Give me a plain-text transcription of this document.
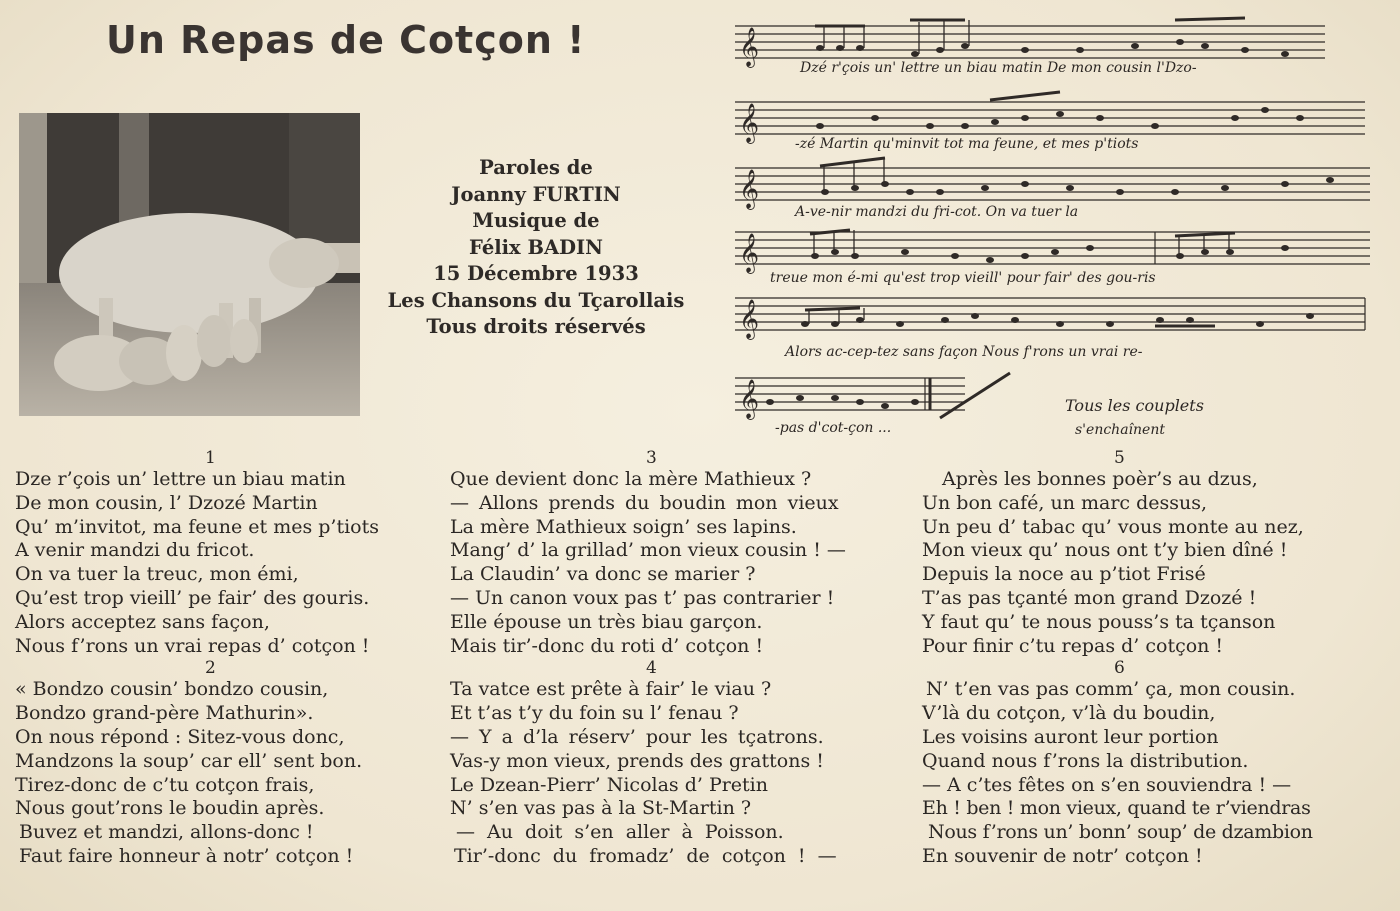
Un Repas de Cotçon !
Paroles de
Joanny FURTIN
Musique de
Félix BADIN
15 Décembre 1933
Les Chansons du Tçarollais
Tous droits réservés
𝄞
𝄞
𝄞
𝄞
𝄞
𝄞
Dzé r'çois un' lettre un biau matin De mon cousin l'Dzo-
-zé Martin qu'minvit tot ma feune, et mes p'tiots
A-ve-nir mandzi du fri-cot. On va tuer la
treue mon é-mi qu'est trop vieill' pour fair' des gou-ris
Alors ac-cep-tez sans façon Nous f'rons un vrai re-
-pas d'cot-çon ...
Tous les couplets
s'enchaînent
1
Dze r’çois un’ lettre un biau matin
De mon cousin, l’ Dzozé Martin
Qu’ m’invitot, ma feune et mes p’tiots
A venir mandzi du fricot.
On va tuer la treuc, mon émi,
Qu’est trop vieill’ pe fair’ des gouris.
Alors acceptez sans façon,
Nous f’rons un vrai repas d’ cotçon !
2
« Bondzo cousin’ bondzo cousin,
Bondzo grand-père Mathurin».
On nous répond : Sitez-vous donc,
Mandzons la soup’ car ell’ sent bon.
Tirez-donc de c’tu cotçon frais,
Nous gout’rons le boudin après.
Buvez et mandzi, allons-donc !
Faut faire honneur à notr’ cotçon !
3
Que devient donc la mère Mathieux ?
— Allons prends du boudin mon vieux
La mère Mathieux soign’ ses lapins.
Mang’ d’ la grillad’ mon vieux cousin ! —
La Claudin’ va donc se marier ?
— Un canon voux pas t’ pas contrarier !
Elle épouse un très biau garçon.
Mais tir’-donc du roti d’ cotçon !
4
Ta vatce est prête à fair’ le viau ?
Et t’as t’y du foin su l’ fenau ?
— Y a d’la réserv’ pour les tçatrons.
Vas-y mon vieux, prends des grattons !
Le Dzean-Pierr’ Nicolas d’ Pretin
N’ s’en vas pas à la St-Martin ?
— Au doit s’en aller à Poisson.
Tir’-donc du fromadz’ de cotçon ! —
5
Après les bonnes poèr’s au dzus,
Un bon café, un marc dessus,
Un peu d’ tabac qu’ vous monte au nez,
Mon vieux qu’ nous ont t’y bien dîné !
Depuis la noce au p’tiot Frisé
T’as pas tçanté mon grand Dzozé !
Y faut qu’ te nous pouss’s ta tçanson
Pour finir c’tu repas d’ cotçon !
6
N’ t’en vas pas comm’ ça, mon cousin.
V’là du cotçon, v’là du boudin,
Les voisins auront leur portion
Quand nous f’rons la distribution.
— A c’tes fêtes on s’en souviendra ! —
Eh ! ben ! mon vieux, quand te r’viendras
Nous f’rons un’ bonn’ soup’ de dzambion
En souvenir de notr’ cotçon !
